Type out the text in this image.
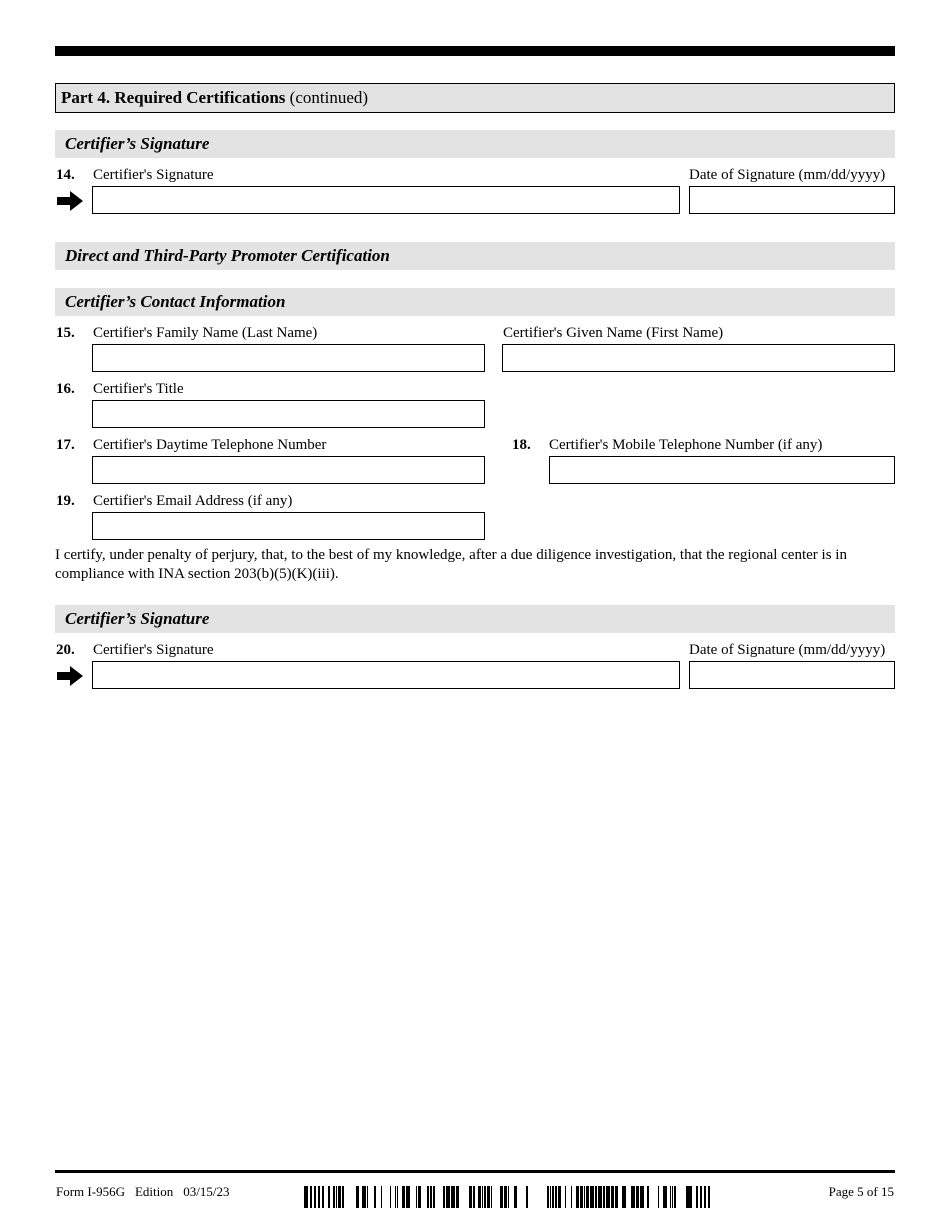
Part 4. Required Certifications (continued)
Certifier’s Signature
14. Certifier's Signature	Date of Signature (mm/dd/yyyy)
Direct and Third-Party Promoter Certification
Certifier’s Contact Information
15. Certifier's Family Name (Last Name)	Certifier's Given Name (First Name)
16. Certifier's Title
17. Certifier's Daytime Telephone Number	18. Certifier's Mobile Telephone Number (if any)
19. Certifier's Email Address (if any)
I certify, under penalty of perjury, that, to the best of my knowledge, after a due diligence investigation, that the regional center is in compliance with INA section 203(b)(5)(K)(iii).
Certifier’s Signature
20. Certifier's Signature	Date of Signature (mm/dd/yyyy)
Form I-956G Edition 03/15/23	Page 5 of 15
